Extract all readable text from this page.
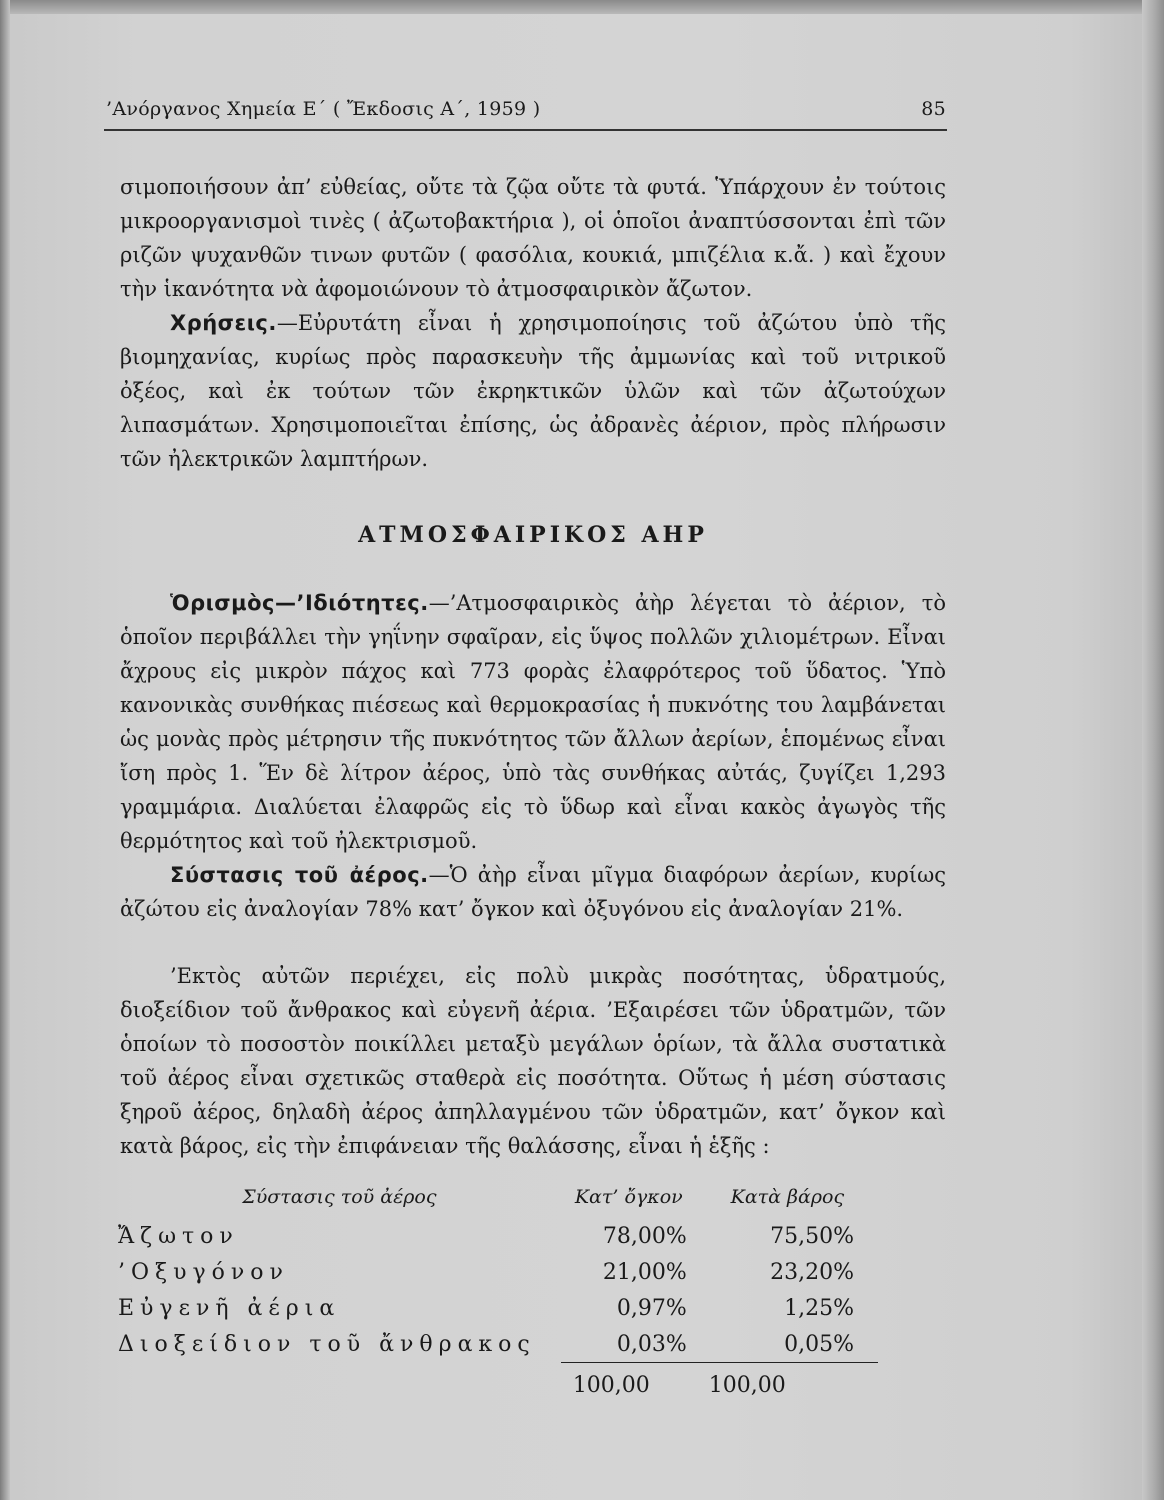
’Ανόργανος Χημεία Ε΄ ( Ἔκδοσις Α΄, 1959 )	85

σιμοποιήσουν ἀπ’ εὐθείας, οὔτε τὰ ζῷα οὔτε τὰ φυτά. Ὑπάρχουν ἐν τούτοις μικροοργανισμοὶ τινὲς ( ἀζωτοβακτήρια ), οἱ ὁποῖοι ἀναπτύσσονται ἐπὶ τῶν ριζῶν ψυχανθῶν τινων φυτῶν ( φασόλια, κουκιά, μπιζέλια κ.ἄ. ) καὶ ἔχουν τὴν ἱκανότητα νὰ ἀφομοιώνουν τὸ ἀτμοσφαιρικὸν ἄζωτον.

Χρήσεις.—Εὐρυτάτη εἶναι ἡ χρησιμοποίησις τοῦ ἀζώτου ὑπὸ τῆς βιομηχανίας, κυρίως πρὸς παρασκευὴν τῆς ἀμμωνίας καὶ τοῦ νιτρικοῦ ὀξέος, καὶ ἐκ τούτων τῶν ἐκρηκτικῶν ὑλῶν καὶ τῶν ἀζωτούχων λιπασμάτων. Χρησιμοποιεῖται ἐπίσης, ὡς ἀδρανὲς ἀέριον, πρὸς πλήρωσιν τῶν ἠλεκτρικῶν λαμπτήρων.

ΑΤΜΟΣΦΑΙΡΙΚΟΣ ΑΗΡ

Ὁρισμὸς—’Ιδιότητες.—’Ατμοσφαιρικὸς ἀὴρ λέγεται τὸ ἀέριον, τὸ ὁποῖον περιβάλλει τὴν γηΐνην σφαῖραν, εἰς ὕψος πολλῶν χιλιομέτρων. Εἶναι ἄχρους εἰς μικρὸν πάχος καὶ 773 φορὰς ἐλαφρότερος τοῦ ὕδατος. Ὑπὸ κανονικὰς συνθήκας πιέσεως καὶ θερμοκρασίας ἡ πυκνότης του λαμβάνεται ὡς μονὰς πρὸς μέτρησιν τῆς πυκνότητος τῶν ἄλλων ἀερίων, ἑπομένως εἶναι ἴση πρὸς 1. Ἕν δὲ λίτρον ἀέρος, ὑπὸ τὰς συνθήκας αὐτάς, ζυγίζει 1,293 γραμμάρια. Διαλύεται ἐλαφρῶς εἰς τὸ ὕδωρ καὶ εἶναι κακὸς ἀγωγὸς τῆς θερμότητος καὶ τοῦ ἠλεκτρισμοῦ.

Σύστασις τοῦ ἀέρος.—Ὁ ἀὴρ εἶναι μῖγμα διαφόρων ἀερίων, κυρίως ἀζώτου εἰς ἀναλογίαν 78% κατ’ ὄγκον καὶ ὀξυγόνου εἰς ἀναλογίαν 21%.

’Εκτὸς αὐτῶν περιέχει, εἰς πολὺ μικρὰς ποσότητας, ὑδρατμούς, διοξείδιον τοῦ ἄνθρακος καὶ εὐγενῆ ἀέρια. ’Εξαιρέσει τῶν ὑδρατμῶν, τῶν ὁποίων τὸ ποσοστὸν ποικίλλει μεταξὺ μεγάλων ὁρίων, τὰ ἄλλα συστατικὰ τοῦ ἀέρος εἶναι σχετικῶς σταθερὰ εἰς ποσότητα. Οὕτως ἡ μέση σύστασις ξηροῦ ἀέρος, δηλαδὴ ἀέρος ἀπηλλαγμένου τῶν ὑδρατμῶν, κατ’ ὄγκον καὶ κατὰ βάρος, εἰς τὴν ἐπιφάνειαν τῆς θαλάσσης, εἶναι ἡ ἑξῆς :

Σύστασις τοῦ ἀέρος	Κατ’ ὄγκον	Κατὰ βάρος
Ἄζωτον	78,00%	75,50%
’Οξυγόνον	21,00%	23,20%
Εὐγενῆ ἀέρια	0,97%	1,25%
Διοξείδιον τοῦ ἄνθρακος	0,03%	0,05%
	100,00	100,00
